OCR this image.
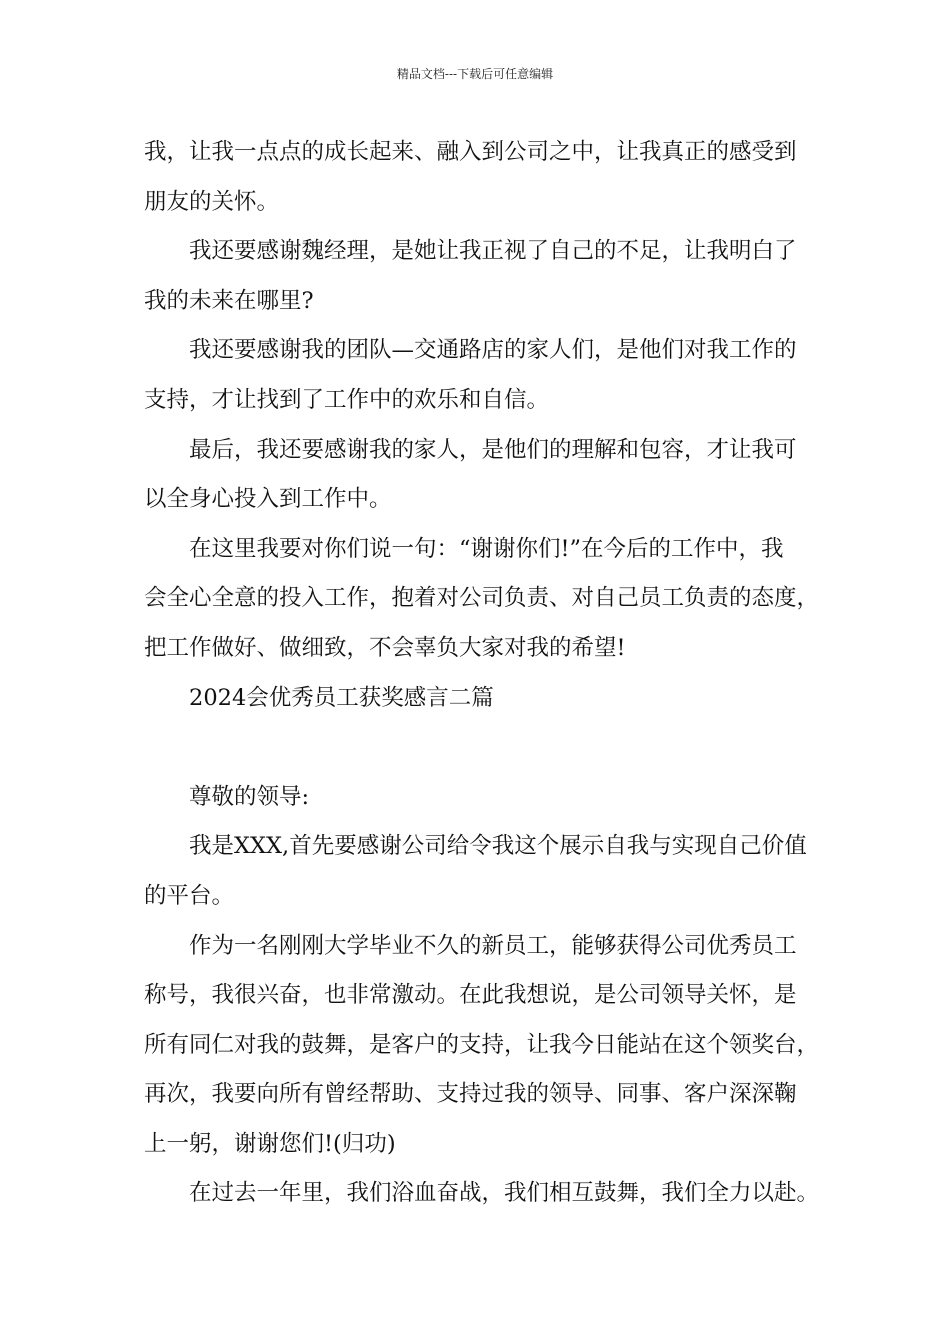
精品文档---下载后可任意编辑
我，让我一点点的成长起来、融入到公司之中，让我真正的感受到
朋友的关怀。
我还要感谢魏经理，是她让我正视了自己的不足，让我明白了
我的未来在哪里?
我还要感谢我的团队—交通路店的家人们，是他们对我工作的
支持，才让找到了工作中的欢乐和自信。
最后，我还要感谢我的家人，是他们的理解和包容，才让我可
以全身心投入到工作中。
在这里我要对你们说一句：“谢谢你们!”在今后的工作中，我
会全心全意的投入工作，抱着对公司负责、对自己员工负责的态度，
把工作做好、做细致，不会辜负大家对我的希望!
2024会优秀员工获奖感言二篇
尊敬的领导:
我是XXX,首先要感谢公司给令我这个展示自我与实现自己价值
的平台。
作为一名刚刚大学毕业不久的新员工，能够获得公司优秀员工
称号，我很兴奋，也非常激动。在此我想说，是公司领导关怀，是
所有同仁对我的鼓舞，是客户的支持，让我今日能站在这个领奖台，
再次，我要向所有曾经帮助、支持过我的领导、同事、客户深深鞠
上一躬，谢谢您们!(归功)
在过去一年里，我们浴血奋战，我们相互鼓舞，我们全力以赴。
